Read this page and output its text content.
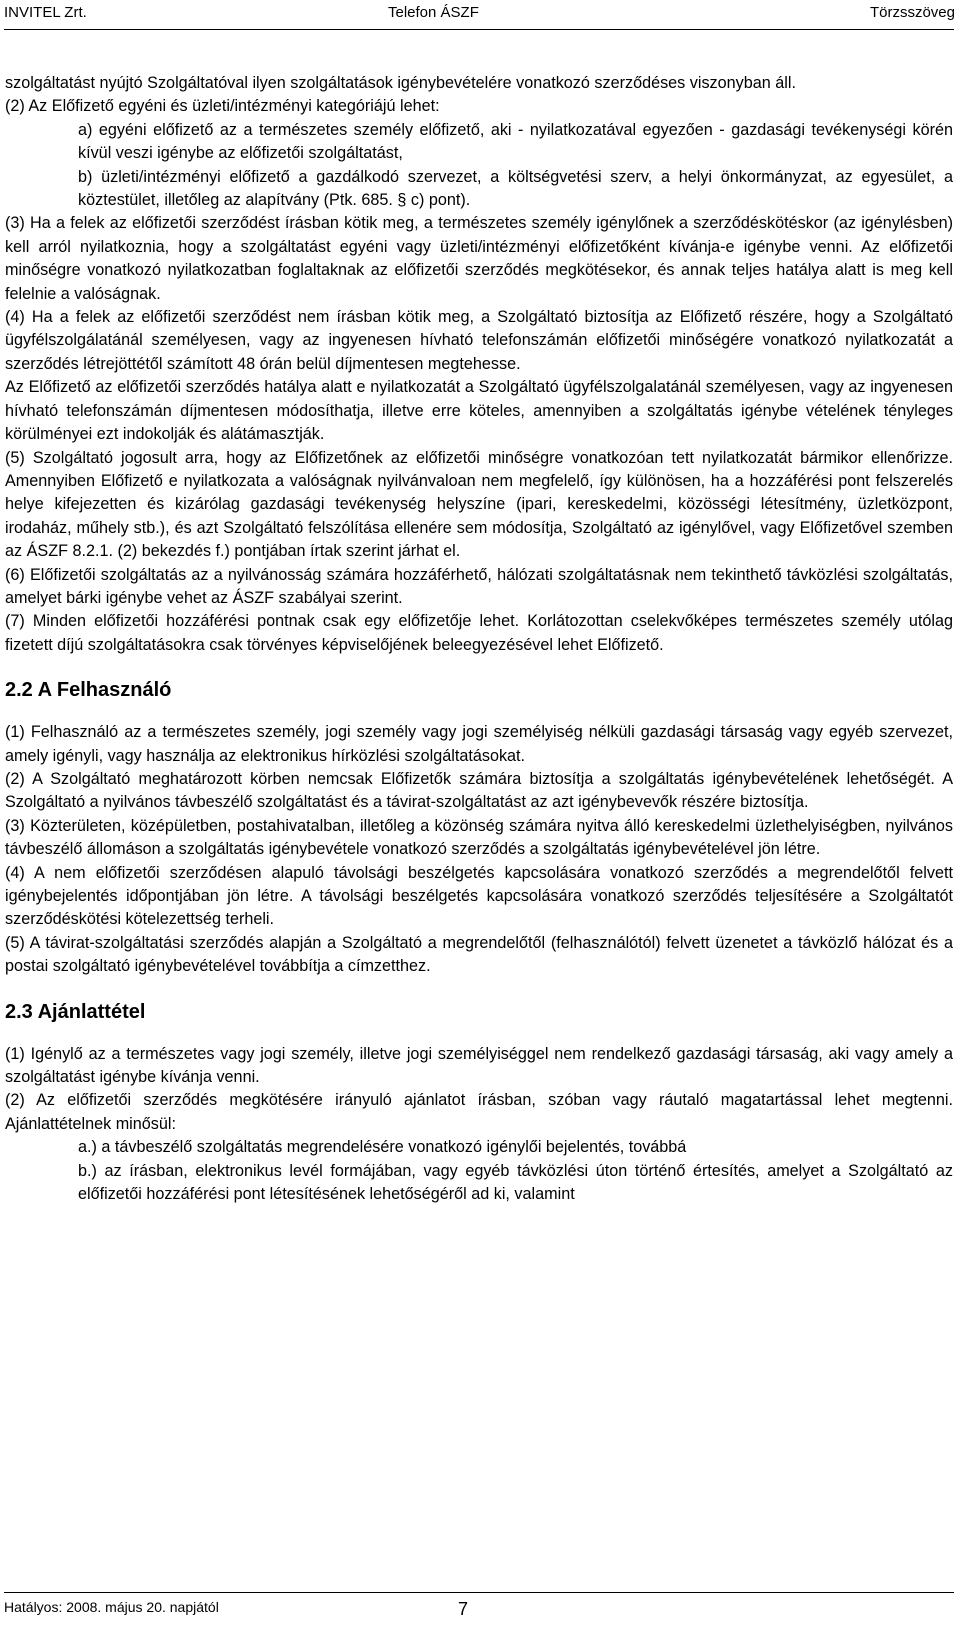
INVITEL Zrt.	Telefon ÁSZF	Törzsszöveg

szolgáltatást nyújtó Szolgáltatóval ilyen szolgáltatások igénybevételére vonatkozó szerződéses viszonyban áll.

(2) Az Előfizető egyéni és üzleti/intézményi kategóriájú lehet:

a) egyéni előfizető az a természetes személy előfizető, aki - nyilatkozatával egyezően - gazdasági tevékenységi körén kívül veszi igénybe az előfizetői szolgáltatást,

b) üzleti/intézményi előfizető a gazdálkodó szervezet, a költségvetési szerv, a helyi önkormányzat, az egyesület, a köztestület, illetőleg az alapítvány (Ptk. 685. § c) pont).

(3) Ha a felek az előfizetői szerződést írásban kötik meg, a természetes személy igénylőnek a szerződéskötéskor (az igénylésben) kell arról nyilatkoznia, hogy a szolgáltatást egyéni vagy üzleti/intézményi előfizetőként kívánja-e igénybe venni. Az előfizetői minőségre vonatkozó nyilatkozatban foglaltaknak az előfizetői szerződés megkötésekor, és annak teljes hatálya alatt is meg kell felelnie a valóságnak.

(4) Ha a felek az előfizetői szerződést nem írásban kötik meg, a Szolgáltató biztosítja az Előfizető részére, hogy a Szolgáltató ügyfélszolgálatánál személyesen, vagy az ingyenesen hívható telefonszámán előfizetői minőségére vonatkozó nyilatkozatát a szerződés létrejöttétől számított 48 órán belül díjmentesen megtehesse.

Az Előfizető az előfizetői szerződés hatálya alatt e nyilatkozatát a Szolgáltató ügyfélszolgalatánál személyesen, vagy az ingyenesen hívható telefonszámán díjmentesen módosíthatja, illetve erre köteles, amennyiben a szolgáltatás igénybe vételének tényleges körülményei ezt indokolják és alátámasztják.

(5) Szolgáltató jogosult arra, hogy az Előfizetőnek az előfizetői minőségre vonatkozóan tett nyilatkozatát bármikor ellenőrizze. Amennyiben Előfizető e nyilatkozata a valóságnak nyilvánvaloan nem megfelelő, így különösen, ha a hozzáférési pont felszerelés helye kifejezetten és kizárólag gazdasági tevékenység helyszíne (ipari, kereskedelmi, közösségi létesítmény, üzletközpont, irodaház, műhely stb.), és azt Szolgáltató felszólítása ellenére sem módosítja, Szolgáltató az igénylővel, vagy Előfizetővel szemben az ÁSZF 8.2.1. (2) bekezdés f.) pontjában írtak szerint járhat el.

(6) Előfizetői szolgáltatás az a nyilvánosság számára hozzáférhető, hálózati szolgáltatásnak nem tekinthető távközlési szolgáltatás, amelyet bárki igénybe vehet az ÁSZF szabályai szerint.

(7) Minden előfizetői hozzáférési pontnak csak egy előfizetője lehet. Korlátozottan cselekvőképes természetes személy utólag fizetett díjú szolgáltatásokra csak törvényes képviselőjének beleegyezésével lehet Előfizető.

2.2 A Felhasználó

(1) Felhasználó az a természetes személy, jogi személy vagy jogi személyiség nélküli gazdasági társaság vagy egyéb szervezet, amely igényli, vagy használja az elektronikus hírközlési szolgáltatásokat.

(2) A Szolgáltató meghatározott körben nemcsak Előfizetők számára biztosítja a szolgáltatás igénybevételének lehetőségét. A Szolgáltató a nyilvános távbeszélő szolgáltatást és a távirat-szolgáltatást az azt igénybevevők részére biztosítja.

(3) Közterületen, középületben, postahivatalban, illetőleg a közönség számára nyitva álló kereskedelmi üzlethelyiségben, nyilvános távbeszélő állomáson a szolgáltatás igénybevétele vonatkozó szerződés a szolgáltatás igénybevételével jön létre.

(4) A nem előfizetői szerződésen alapuló távolsági beszélgetés kapcsolására vonatkozó szerződés a megrendelőtől felvett igénybejelentés időpontjában jön létre. A távolsági beszélgetés kapcsolására vonatkozó szerződés teljesítésére a Szolgáltatót szerződéskötési kötelezettség terheli.

(5) A távirat-szolgáltatási szerződés alapján a Szolgáltató a megrendelőtől (felhasználótól) felvett üzenetet a távközlő hálózat és a postai szolgáltató igénybevételével továbbítja a címzetthez.

2.3 Ajánlattétel

(1) Igénylő az a természetes vagy jogi személy, illetve jogi személyiséggel nem rendelkező gazdasági társaság, aki vagy amely a szolgáltatást igénybe kívánja venni.

(2) Az előfizetői szerződés megkötésére irányuló ajánlatot írásban, szóban vagy ráutaló magatartással lehet megtenni. Ajánlattételnek minősül:

a.) a távbeszélő szolgáltatás megrendelésére vonatkozó igénylői bejelentés, továbbá

b.) az írásban, elektronikus levél formájában, vagy egyéb távközlési úton történő értesítés, amelyet a Szolgáltató az előfizetői hozzáférési pont létesítésének lehetőségéről ad ki, valamint

Hatályos: 2008. május 20. napjától	7
